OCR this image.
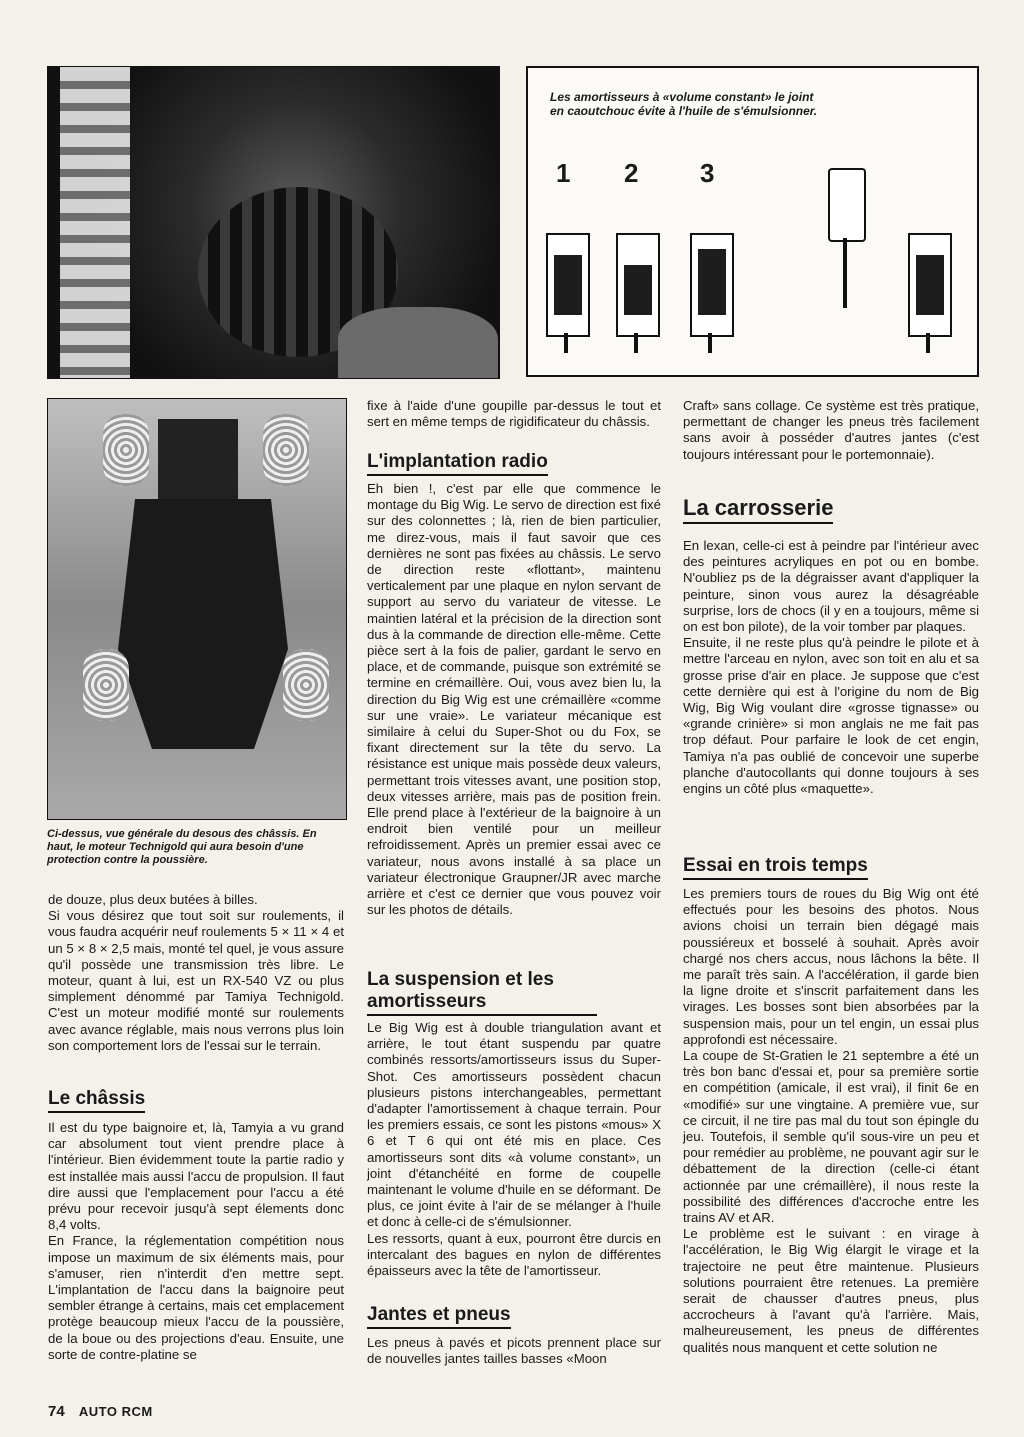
Les amortisseurs à «volume constant» le joint en caoutchouc évite à l'huile de s'émulsionner.
1 2 3
Ci-dessus, vue générale du desous des châssis. En haut, le moteur Technigold qui aura besoin d'une protection contre la poussière.

de douze, plus deux butées à billes.

Si vous désirez que tout soit sur roulements, il vous faudra acquérir neuf roulements 5 × 11 × 4 et un 5 × 8 × 2,5 mais, monté tel quel, je vous assure qu'il possède une transmission très libre. Le moteur, quant à lui, est un RX-540 VZ ou plus simplement dénommé par Tamiya Technigold. C'est un moteur modifié monté sur roulements avec avance réglable, mais nous verrons plus loin son comportement lors de l'essai sur le terrain.

Le châssis

Il est du type baignoire et, là, Tamyia a vu grand car absolument tout vient prendre place à l'intérieur. Bien évidemment toute la partie radio y est installée mais aussi l'accu de propulsion. Il faut dire aussi que l'emplacement pour l'accu a été prévu pour recevoir jusqu'à sept élements donc 8,4 volts.

En France, la réglementation compétition nous impose un maximum de six éléments mais, pour s'amuser, rien n'interdit d'en mettre sept. L'implantation de l'accu dans la baignoire peut sembler étrange à certains, mais cet emplacement protège beaucoup mieux l'accu de la poussière, de la boue ou des projections d'eau. Ensuite, une sorte de contre-platine se

fixe à l'aide d'une goupille par-dessus le tout et sert en même temps de rigidificateur du châssis.

L'implantation radio

Eh bien !, c'est par elle que commence le montage du Big Wig. Le servo de direction est fixé sur des colonnettes ; là, rien de bien particulier, me direz-vous, mais il faut savoir que ces dernières ne sont pas fixées au châssis. Le servo de direction reste «flottant», maintenu verticalement par une plaque en nylon servant de support au servo du variateur de vitesse. Le maintien latéral et la précision de la direction sont dus à la commande de direction elle-même. Cette pièce sert à la fois de palier, gardant le servo en place, et de commande, puisque son extrémité se termine en crémaillère. Oui, vous avez bien lu, la direction du Big Wig est une crémaillère «comme sur une vraie». Le variateur mécanique est similaire à celui du Super-Shot ou du Fox, se fixant directement sur la tête du servo. La résistance est unique mais possède deux valeurs, permettant trois vitesses avant, une position stop, deux vitesses arrière, mais pas de position frein. Elle prend place à l'extérieur de la baignoire à un endroit bien ventilé pour un meilleur refroidissement. Après un premier essai avec ce variateur, nous avons installé à sa place un variateur électronique Graupner/JR avec marche arrière et c'est ce dernier que vous pouvez voir sur les photos de détails.

La suspension et les amortisseurs

Le Big Wig est à double triangulation avant et arrière, le tout étant suspendu par quatre combinés ressorts/amortisseurs issus du Super-Shot. Ces amortisseurs possèdent chacun plusieurs pistons interchangeables, permettant d'adapter l'amortissement à chaque terrain. Pour les premiers essais, ce sont les pistons «mous» X 6 et T 6 qui ont été mis en place. Ces amortisseurs sont dits «à volume constant», un joint d'étanchéité en forme de coupelle maintenant le volume d'huile en se déformant. De plus, ce joint évite à l'air de se mélanger à l'huile et donc à celle-ci de s'émulsionner.

Les ressorts, quant à eux, pourront être durcis en intercalant des bagues en nylon de différentes épaisseurs avec la tête de l'amortisseur.

Jantes et pneus

Les pneus à pavés et picots prennent place sur de nouvelles jantes tailles basses «Moon

Craft» sans collage. Ce système est très pratique, permettant de changer les pneus très facilement sans avoir à posséder d'autres jantes (c'est toujours intéressant pour le portemonnaie).

La carrosserie

En lexan, celle-ci est à peindre par l'intérieur avec des peintures acryliques en pot ou en bombe. N'oubliez ps de la dégraisser avant d'appliquer la peinture, sinon vous aurez la désagréable surprise, lors de chocs (il y en a toujours, même si on est bon pilote), de la voir tomber par plaques.

Ensuite, il ne reste plus qu'à peindre le pilote et à mettre l'arceau en nylon, avec son toit en alu et sa grosse prise d'air en place. Je suppose que c'est cette dernière qui est à l'origine du nom de Big Wig, Big Wig voulant dire «grosse tignasse» ou «grande crinière» si mon anglais ne me fait pas trop défaut. Pour parfaire le look de cet engin, Tamiya n'a pas oublié de concevoir une superbe planche d'autocollants qui donne toujours à ses engins un côté plus «maquette».

Essai en trois temps

Les premiers tours de roues du Big Wig ont été effectués pour les besoins des photos. Nous avions choisi un terrain bien dégagé mais poussiéreux et bosselé à souhait. Après avoir chargé nos chers accus, nous lâchons la bête. Il me paraît très sain. A l'accélération, il garde bien la ligne droite et s'inscrit parfaitement dans les virages. Les bosses sont bien absorbées par la suspension mais, pour un tel engin, un essai plus approfondi est nécessaire.

La coupe de St-Gratien le 21 septembre a été un très bon banc d'essai et, pour sa première sortie en compétition (amicale, il est vrai), il finit 6e en «modifié» sur une vingtaine. A première vue, sur ce circuit, il ne tire pas mal du tout son épingle du jeu. Toutefois, il semble qu'il sous-vire un peu et pour remédier au problème, ne pouvant agir sur le débattement de la direction (celle-ci étant actionnée par une crémaillère), il nous reste la possibilité des différences d'accroche entre les trains AV et AR.

Le problème est le suivant : en virage à l'accélération, le Big Wig élargit le virage et la trajectoire ne peut être maintenue. Plusieurs solutions pourraient être retenues. La première serait de chausser d'autres pneus, plus accrocheurs à l'avant qu'à l'arrière. Mais, malheureusement, les pneus de différentes qualités nous manquent et cette solution ne

74 AUTO RCM
